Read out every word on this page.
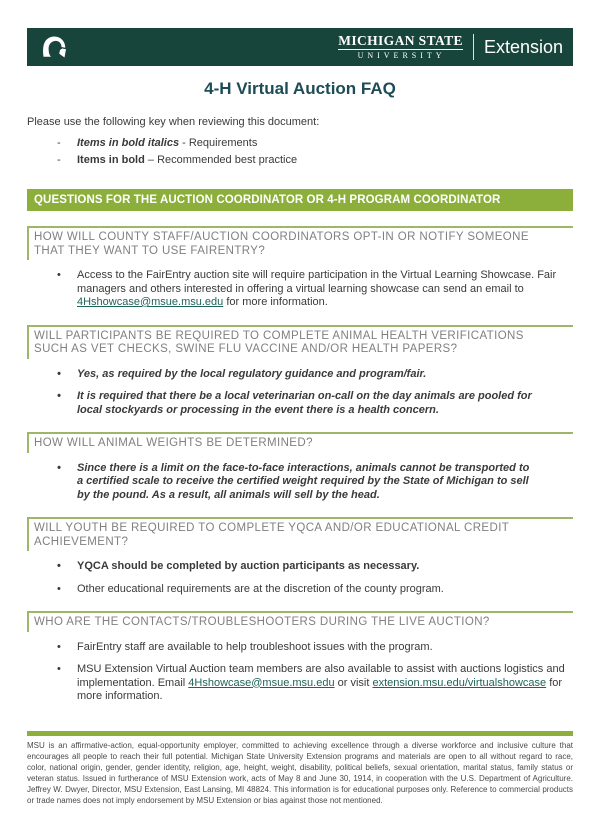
MICHIGAN STATE
UNIVERSITY	Extension
4-H Virtual Auction FAQ

Please use the following key when reviewing this document:

-	Items in bold italics - Requirements
-	Items in bold – Recommended best practice
QUESTIONS FOR THE AUCTION COORDINATOR OR 4-H PROGRAM COORDINATOR
HOW WILL COUNTY STAFF/AUCTION COORDINATORS OPT-IN OR NOTIFY SOMEONE THAT THEY WANT TO USE FAIRENTRY?
•	Access to the FairEntry auction site will require participation in the Virtual Learning Showcase. Fair managers and others interested in offering a virtual learning showcase can send an email to 4Hshowcase@msue.msu.edu for more information.
WILL PARTICIPANTS BE REQUIRED TO COMPLETE ANIMAL HEALTH VERIFICATIONS SUCH AS VET CHECKS, SWINE FLU VACCINE AND/OR HEALTH PAPERS?
•	Yes, as required by the local regulatory guidance and program/fair.
•	It is required that there be a local veterinarian on-call on the day animals are pooled for local stockyards or processing in the event there is a health concern.
HOW WILL ANIMAL WEIGHTS BE DETERMINED?
•	Since there is a limit on the face-to-face interactions, animals cannot be transported to a certified scale to receive the certified weight required by the State of Michigan to sell by the pound. As a result, all animals will sell by the head.
WILL YOUTH BE REQUIRED TO COMPLETE YQCA AND/OR EDUCATIONAL CREDIT ACHIEVEMENT?
•	YQCA should be completed by auction participants as necessary.
•	Other educational requirements are at the discretion of the county program.
WHO ARE THE CONTACTS/TROUBLESHOOTERS DURING THE LIVE AUCTION?
•	FairEntry staff are available to help troubleshoot issues with the program.
•	MSU Extension Virtual Auction team members are also available to assist with auctions logistics and implementation. Email 4Hshowcase@msue.msu.edu or visit extension.msu.edu/virtualshowcase for more information.

MSU is an affirmative-action, equal-opportunity employer, committed to achieving excellence through a diverse workforce and inclusive culture that encourages all people to reach their full potential. Michigan State University Extension programs and materials are open to all without regard to race, color, national origin, gender, gender identity, religion, age, height, weight, disability, political beliefs, sexual orientation, marital status, family status or veteran status. Issued in furtherance of MSU Extension work, acts of May 8 and June 30, 1914, in cooperation with the U.S. Department of Agriculture. Jeffrey W. Dwyer, Director, MSU Extension, East Lansing, MI 48824. This information is for educational purposes only. Reference to commercial products or trade names does not imply endorsement by MSU Extension or bias against those not mentioned.
